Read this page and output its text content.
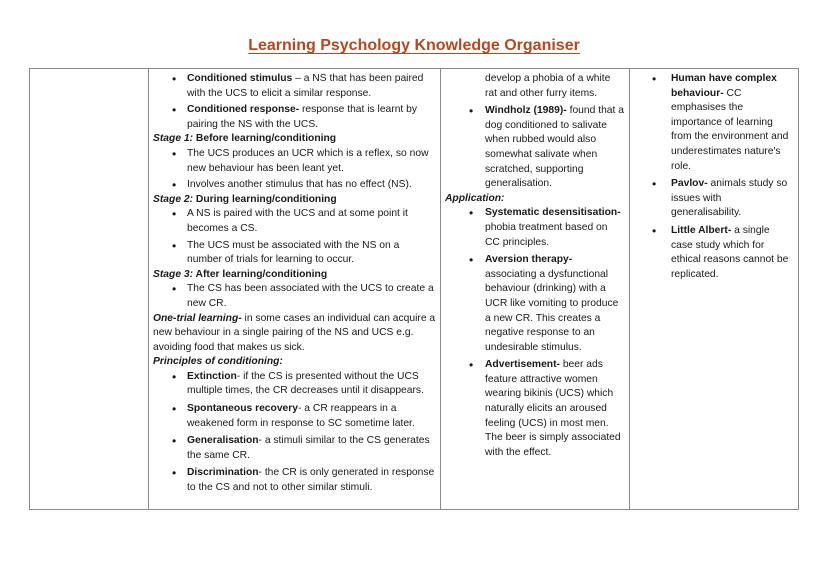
Learning Psychology Knowledge Organiser

• Conditioned stimulus – a NS that has been paired with the UCS to elicit a similar response.
• Conditioned response- response that is learnt by pairing the NS with the UCS.

Stage 1: Before learning/conditioning

• The UCS produces an UCR which is a reflex, so now new behaviour has been leant yet.
• Involves another stimulus that has no effect (NS).

Stage 2: During learning/conditioning

• A NS is paired with the UCS and at some point it becomes a CS.
• The UCS must be associated with the NS on a number of trials for learning to occur.

Stage 3: After learning/conditioning

• The CS has been associated with the UCS to create a new CR.

One-trial learning- in some cases an individual can acquire a new behaviour in a single pairing of the NS and UCS e.g. avoiding food that makes us sick.

Principles of conditioning:

• Extinction- if the CS is presented without the UCS multiple times, the CR decreases until it disappears.
• Spontaneous recovery- a CR reappears in a weakened form in response to SC sometime later.
• Generalisation- a stimuli similar to the CS generates the same CR.
• Discrimination- the CR is only generated in response to the CS and not to other similar stimuli.

develop a phobia of a white rat and other furry items.
• Windholz (1989)- found that a dog conditioned to salivate when rubbed would also somewhat salivate when scratched, supporting generalisation.

Application:

• Systematic desensitisation- phobia treatment based on CC principles.
• Aversion therapy- associating a dysfunctional behaviour (drinking) with a UCR like vomiting to produce a new CR. This creates a negative response to an undesirable stimulus.
• Advertisement- beer ads feature attractive women wearing bikinis (UCS) which naturally elicits an aroused feeling (UCS) in most men. The beer is simply associated with the effect.

• Human have complex behaviour- CC emphasises the importance of learning from the environment and underestimates nature's role.
• Pavlov- animals study so issues with generalisability.
• Little Albert- a single case study which for ethical reasons cannot be replicated.
